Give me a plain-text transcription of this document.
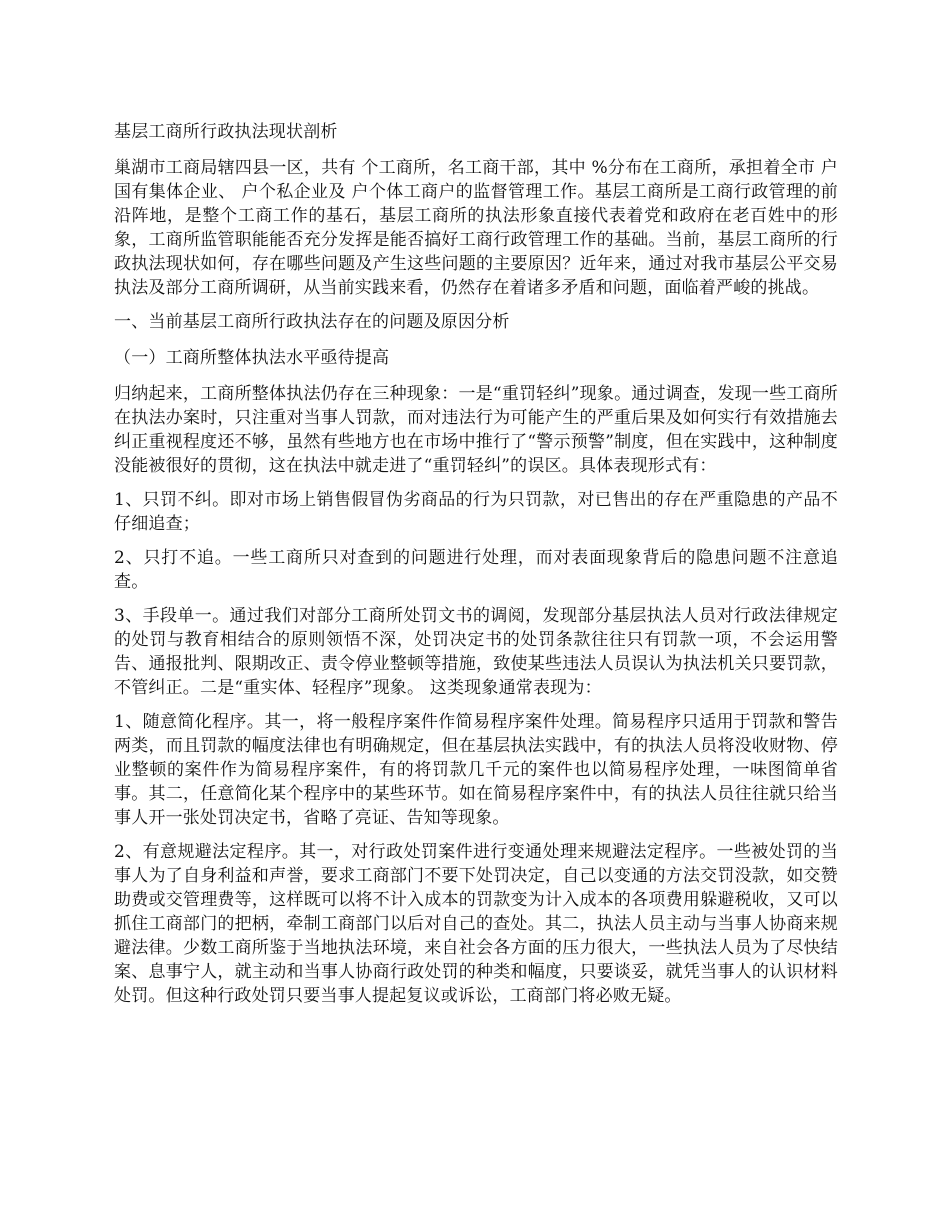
基层工商所行政执法现状剖析

巢湖市工商局辖四县一区，共有 个工商所，名工商干部，其中 %分布在工商所，承担着全市 户国有集体企业、 户个私企业及 户个体工商户的监督管理工作。基层工商所是工商行政管理的前沿阵地，是整个工商工作的基石，基层工商所的执法形象直接代表着党和政府在老百姓中的形象，工商所监管职能能否充分发挥是能否搞好工商行政管理工作的基础。当前，基层工商所的行政执法现状如何，存在哪些问题及产生这些问题的主要原因？近年来，通过对我市基层公平交易执法及部分工商所调研，从当前实践来看，仍然存在着诸多矛盾和问题，面临着严峻的挑战。

一、当前基层工商所行政执法存在的问题及原因分析

（一）工商所整体执法水平亟待提高

归纳起来，工商所整体执法仍存在三种现象：一是“重罚轻纠”现象。通过调查，发现一些工商所在执法办案时，只注重对当事人罚款，而对违法行为可能产生的严重后果及如何实行有效措施去纠正重视程度还不够，虽然有些地方也在市场中推行了“警示预警”制度，但在实践中，这种制度没能被很好的贯彻，这在执法中就走进了“重罚轻纠”的误区。具体表现形式有：

1、只罚不纠。即对市场上销售假冒伪劣商品的行为只罚款，对已售出的存在严重隐患的产品不仔细追查；

2、只打不追。一些工商所只对查到的问题进行处理，而对表面现象背后的隐患问题不注意追查。

3、手段单一。通过我们对部分工商所处罚文书的调阅，发现部分基层执法人员对行政法律规定的处罚与教育相结合的原则领悟不深，处罚决定书的处罚条款往往只有罚款一项，不会运用警告、通报批判、限期改正、责令停业整顿等措施，致使某些违法人员误认为执法机关只要罚款，不管纠正。二是“重实体、轻程序”现象。 这类现象通常表现为：

1、随意简化程序。其一，将一般程序案件作简易程序案件处理。简易程序只适用于罚款和警告两类，而且罚款的幅度法律也有明确规定，但在基层执法实践中，有的执法人员将没收财物、停业整顿的案件作为简易程序案件，有的将罚款几千元的案件也以简易程序处理，一味图简单省事。其二，任意简化某个程序中的某些环节。如在简易程序案件中，有的执法人员往往就只给当事人开一张处罚决定书，省略了亮证、告知等现象。

2、有意规避法定程序。其一，对行政处罚案件进行变通处理来规避法定程序。一些被处罚的当事人为了自身利益和声誉，要求工商部门不要下处罚决定，自己以变通的方法交罚没款，如交赞助费或交管理费等，这样既可以将不计入成本的罚款变为计入成本的各项费用躲避税收，又可以抓住工商部门的把柄，牵制工商部门以后对自己的查处。其二，执法人员主动与当事人协商来规避法律。少数工商所鉴于当地执法环境，来自社会各方面的压力很大，一些执法人员为了尽快结案、息事宁人，就主动和当事人协商行政处罚的种类和幅度，只要谈妥，就凭当事人的认识材料处罚。但这种行政处罚只要当事人提起复议或诉讼，工商部门将必败无疑。
